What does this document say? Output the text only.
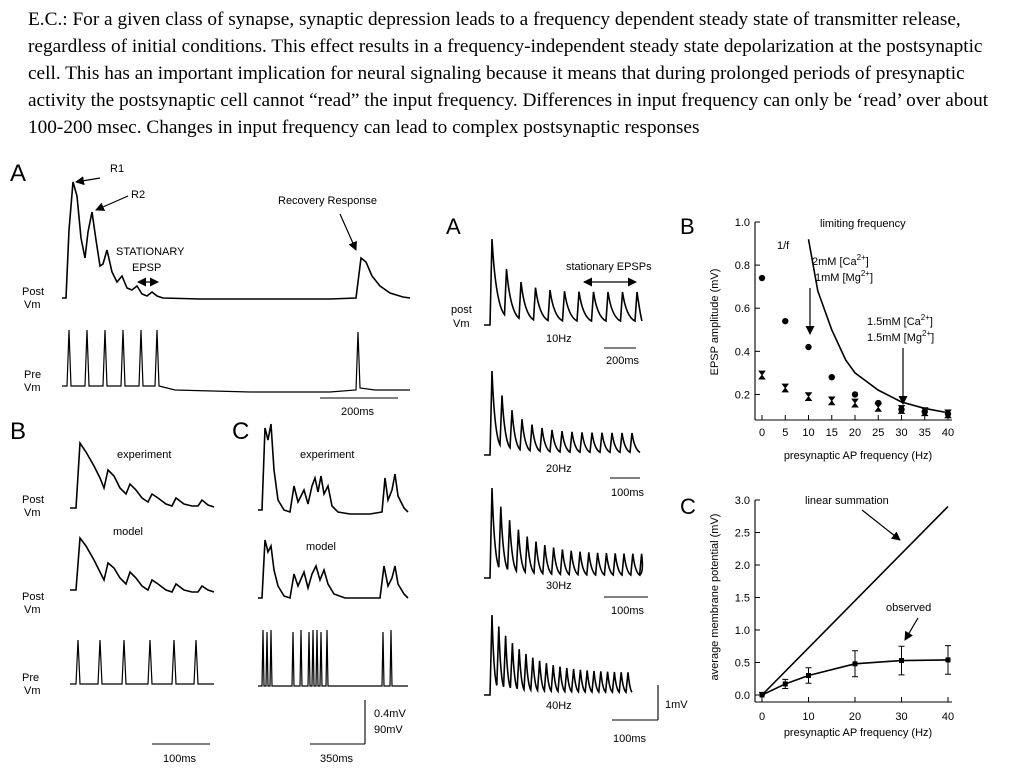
E.C.: For a given class of synapse, synaptic depression leads to a frequency dependent steady state of transmitter release, regardless of initial conditions. This effect results in a frequency-independent steady state depolarization at the postsynaptic cell. This has an important implication for neural signaling because it means that during prolonged periods of presynaptic activity the postsynaptic cell cannot “read” the input frequency. Differences in input frequency can only be ‘read’ over about 100-200 msec. Changes in input frequency can lead to complex postsynaptic responses

A	R1
R2	Recovery Response
STATIONARY
EPSP
Post
Vm
Pre
Vm
200ms
B
experiment
model
Post
Vm
Post
Vm
Pre
Vm
100ms
C
experiment
model
0.4mV
90mV
350ms
A
post
Vm
stationary EPSPs
10Hz
20Hz
30Hz
40Hz
200ms
100ms
100ms
1mV
100ms
B
0 5 10 15 20 25 30 35 40
0.2
0.4
0.6
0.8
1.0
EPSP amplitude (mV)
presynaptic AP frequency (Hz)
limiting frequency
1/f
2mM $[Ca^{2+}]$
1mM $[Mg^{2+}]$
1.5mM $[Ca^{2+}]$
1.5mM $[Mg^{2+}]$
C
0	10	20	30	40
0.0
0.5
1.0
1.5
2.0
2.5
3.0
average membrane potential (mV)
presynaptic AP frequency (Hz)
linear summation
observed
